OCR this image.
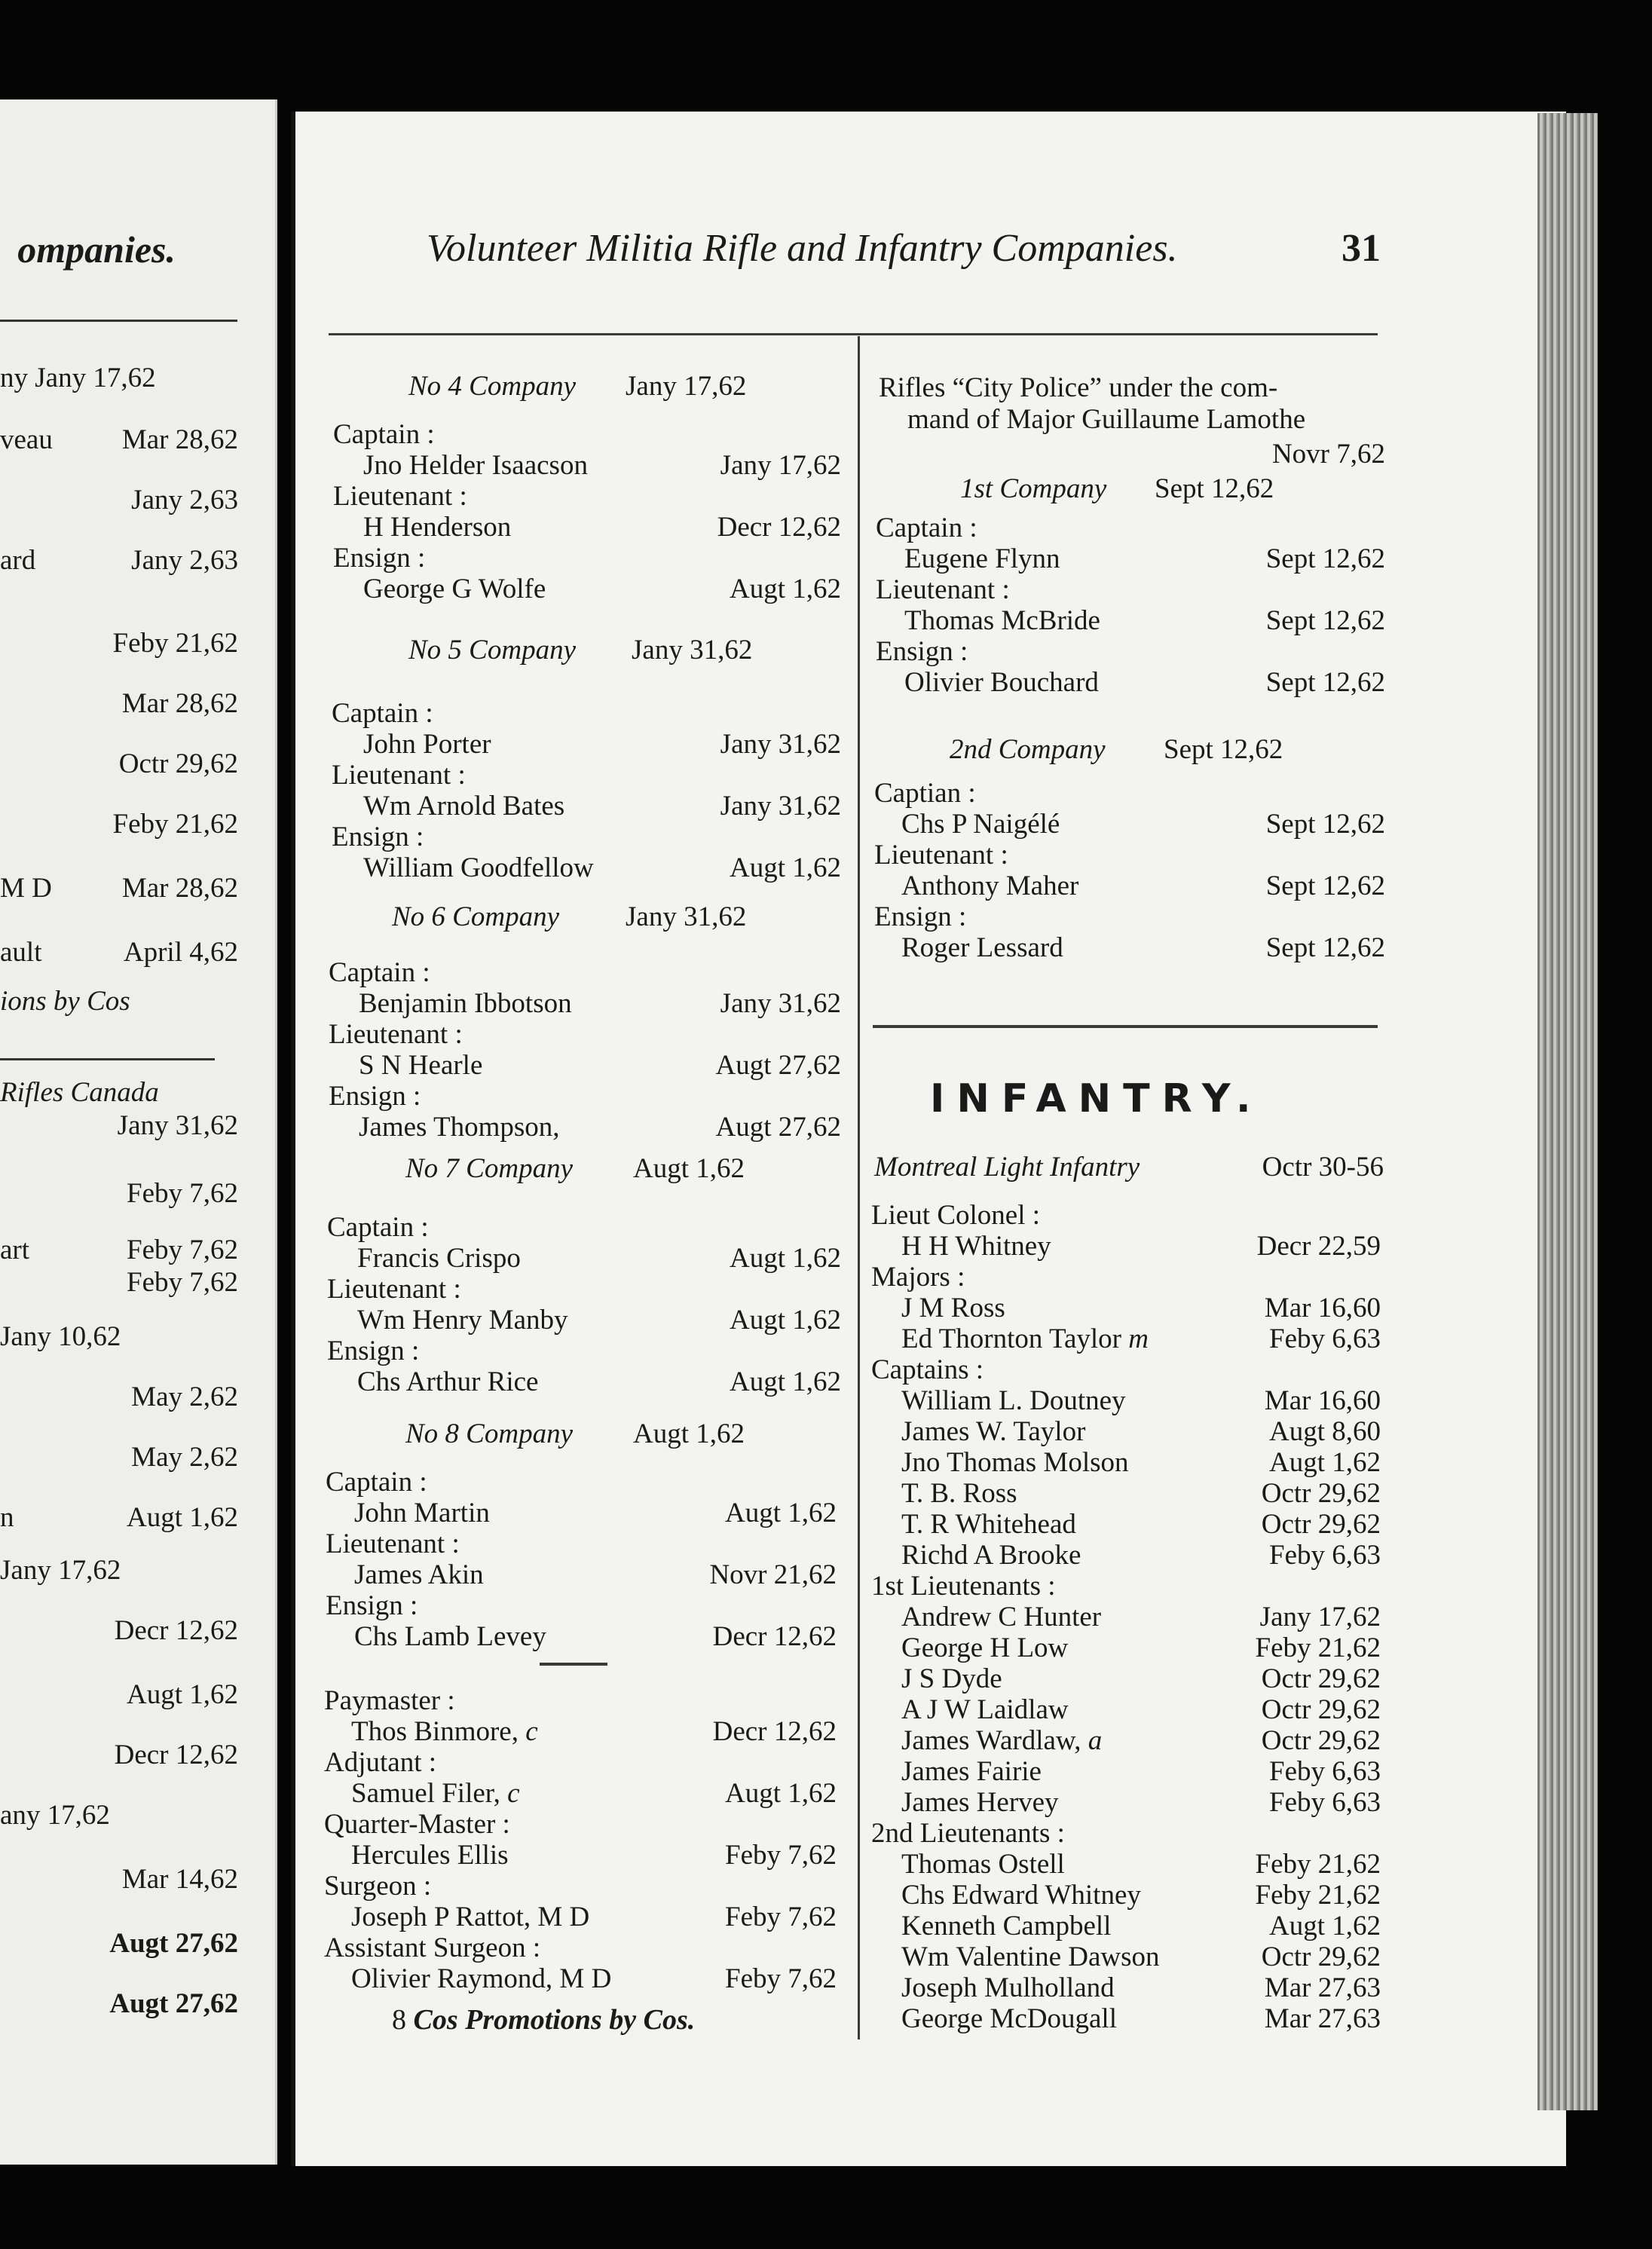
ompanies.
ny Jany 17,62
veau Mar 28,62
Jany 2,63
ard	Jany 2,63
Feby 21,62
Mar 28,62
Octr 29,62
Feby 21,62
M D	Mar 28,62
ault	April 4,62
ions by Cos
Rifles Canada
Jany 31,62
Feby 7,62
art	Feby 7,62
Feby 7,62
Jany 10,62
May 2,62
May 2,62
n	Augt 1,62
Jany 17,62
Decr 12,62
Augt 1,62
Decr 12,62
any 17,62
Mar 14,62
Augt 27,62
Augt 27,62
Volunteer Militia Rifle and Infantry Companies.	31
INFANTRY.
8 Cos Promotions by Cos.
No 4 Company Jany 17,62
Captain :
Jno Helder Isaacson	Jany 17,62
Lieutenant :
H Henderson	Decr 12,62
Ensign :
George G Wolfe	Augt 1,62
No 5 Company Jany 31,62
Captain :
John Porter	Jany 31,62
Lieutenant :
Wm Arnold Bates	Jany 31,62
Ensign :
William Goodfellow	Augt 1,62
No 6 Company Jany 31,62
Captain :
Benjamin Ibbotson	Jany 31,62
Lieutenant :
S N Hearle	Augt 27,62
Ensign :
James Thompson,	Augt 27,62
No 7 Company Augt 1,62
Captain :
Francis Crispo	Augt 1,62
Lieutenant :
Wm Henry Manby	Augt 1,62
Ensign :
Chs Arthur Rice	Augt 1,62
No 8 Company Augt 1,62
Captain :
John Martin	Augt 1,62
Lieutenant :
James Akin	Novr 21,62
Ensign :
Chs Lamb Levey	Decr 12,62
Paymaster :
Thos Binmore, c	Decr 12,62
Adjutant :
Samuel Filer, c	Augt 1,62
Quarter-Master :
Hercules Ellis	Feby 7,62
Surgeon :
Joseph P Rattot, M D	Feby 7,62
Assistant Surgeon :
Olivier Raymond, M D	Feby 7,62
Rifles “City Police” under the com-
mand of Major Guillaume Lamothe
Novr 7,62
1st Company Sept 12,62
Captain :
Eugene Flynn	Sept 12,62
Lieutenant :
Thomas McBride	Sept 12,62
Ensign :
Olivier Bouchard	Sept 12,62
2nd Company Sept 12,62
Captian :
Chs P Naigélé	Sept 12,62
Lieutenant :
Anthony Maher	Sept 12,62
Ensign :
Roger Lessard	Sept 12,62
Montreal Light Infantry	Octr 30-56
Lieut Colonel :
H H Whitney	Decr 22,59
Majors :
J M Ross	Mar 16,60
Ed Thornton Taylor m	Feby 6,63
Captains :
William L. Doutney	Mar 16,60
James W. Taylor	Augt 8,60
Jno Thomas Molson	Augt 1,62
T. B. Ross	Octr 29,62
T. R Whitehead	Octr 29,62
Richd A Brooke	Feby 6,63
1st Lieutenants :
Andrew C Hunter	Jany 17,62
George H Low	Feby 21,62
J S Dyde	Octr 29,62
A J W Laidlaw	Octr 29,62
James Wardlaw, a	Octr 29,62
James Fairie	Feby 6,63
James Hervey	Feby 6,63
2nd Lieutenants :
Thomas Ostell	Feby 21,62
Chs Edward Whitney	Feby 21,62
Kenneth Campbell	Augt 1,62
Wm Valentine Dawson	Octr 29,62
Joseph Mulholland	Mar 27,63
George McDougall	Mar 27,63
